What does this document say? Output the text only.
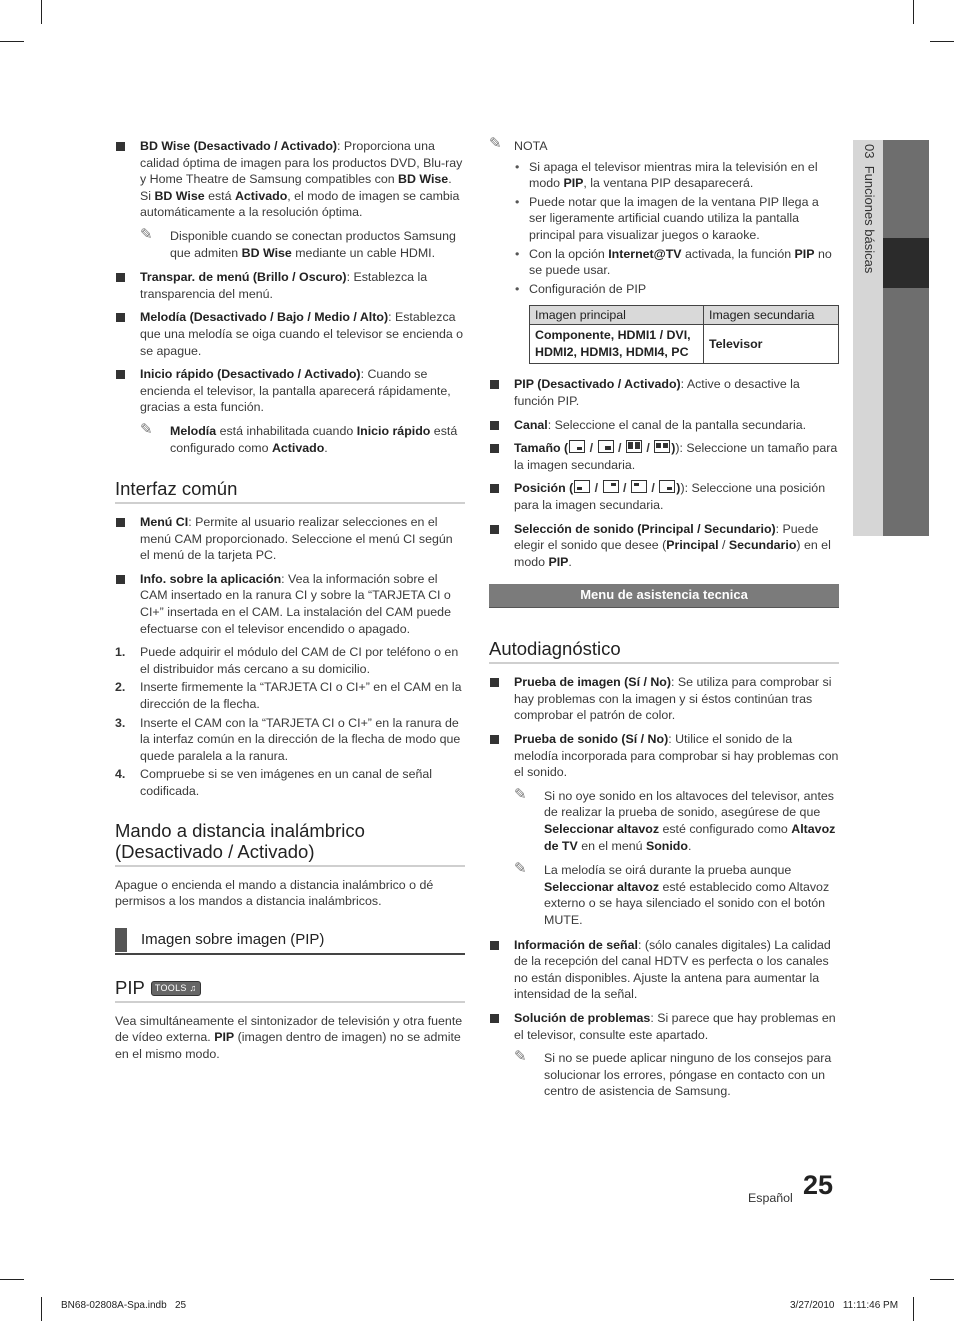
BD Wise (Desactivado / Activado): Proporciona una calidad óptima de imagen para los productos DVD, Blu-ray y Home Theatre de Samsung compatibles con BD Wise. Si BD Wise está Activado, el modo de imagen se cambia automáticamente a la resolución óptima.
✎ Disponible cuando se conectan productos Samsung que admiten BD Wise mediante un cable HDMI.
Transpar. de menú (Brillo / Oscuro): Establezca la transparencia del menú.
Melodía (Desactivado / Bajo / Medio / Alto): Establezca que una melodía se oiga cuando el televisor se encienda o se apague.
Inicio rápido (Desactivado / Activado): Cuando se encienda el televisor, la pantalla aparecerá rápidamente, gracias a esta función.
✎ Melodía está inhabilitada cuando Inicio rápido está configurado como Activado.
Interfaz común
Menú CI: Permite al usuario realizar selecciones en el menú CAM proporcionado. Seleccione el menú CI según el menú de la tarjeta PC.
Info. sobre la aplicación: Vea la información sobre el CAM insertado en la ranura CI y sobre la “TARJETA CI o CI+” insertada en el CAM. La instalación del CAM puede efectuarse con el televisor encendido o apagado.
1. Puede adquirir el módulo del CAM de CI por teléfono o en el distribuidor más cercano a su domicilio.
2. Inserte firmemente la “TARJETA CI o CI+” en el CAM en la dirección de la flecha.
3. Inserte el CAM con la “TARJETA CI o CI+” en la ranura de la interfaz común en la dirección de la flecha de modo que quede paralela a la ranura.
4. Compruebe si se ven imágenes en un canal de señal codificada.
Mando a distancia inalámbrico (Desactivado / Activado)

Apague o encienda el mando a distancia inalámbrico o dé permisos a los mandos a distancia inalámbricos.

Imagen sobre imagen (PIP)
PIP TOOLS ♫

Vea simultáneamente el sintonizador de televisión y otra fuente de vídeo externa. PIP (imagen dentro de imagen) no se admite en el mismo modo.

✎ NOTA
• Si apaga el televisor mientras mira la televisión en el modo PIP, la ventana PIP desaparecerá.
• Puede notar que la imagen de la ventana PIP llega a ser ligeramente artificial cuando utiliza la pantalla principal para visualizar juegos o karaoke.
• Con la opción Internet@TV activada, la función PIP no se puede usar.
• Configuración de PIP
Imagen principal	Imagen secundaria
Componente, HDMI1 / DVI, HDMI2, HDMI3, HDMI4, PC	Televisor
PIP (Desactivado / Activado): Active o desactive la función PIP.
Canal: Seleccione el canal de la pantalla secundaria.
Tamaño ( / / / )): Seleccione un tamaño para la imagen secundaria.
Posición ( / / / )): Seleccione una posición para la imagen secundaria.
Selección de sonido (Principal / Secundario): Puede elegir el sonido que desee (Principal / Secundario) en el modo PIP.
Menu de asistencia tecnica
Autodiagnóstico
Prueba de imagen (Sí / No): Se utiliza para comprobar si hay problemas con la imagen y si éstos continúan tras comprobar el patrón de color.
Prueba de sonido (Sí / No): Utilice el sonido de la melodía incorporada para comprobar si hay problemas con el sonido.
✎ Si no oye sonido en los altavoces del televisor, antes de realizar la prueba de sonido, asegúrese de que Seleccionar altavoz esté configurado como Altavoz de TV en el menú Sonido.
✎ La melodía se oirá durante la prueba aunque Seleccionar altavoz esté establecido como Altavoz externo o se haya silenciado el sonido con el botón MUTE.
Información de señal: (sólo canales digitales) La calidad de la recepción del canal HDTV es perfecta o los canales no están disponibles. Ajuste la antena para aumentar la intensidad de la señal.
Solución de problemas: Si parece que hay problemas en el televisor, consulte este apartado.
✎ Si no se puede aplicar ninguno de los consejos para solucionar los errores, póngase en contacto con un centro de asistencia de Samsung.
03  Funciones básicas
Español 25
BN68-02808A-Spa.indb   25	3/27/2010   11:11:46 PM
